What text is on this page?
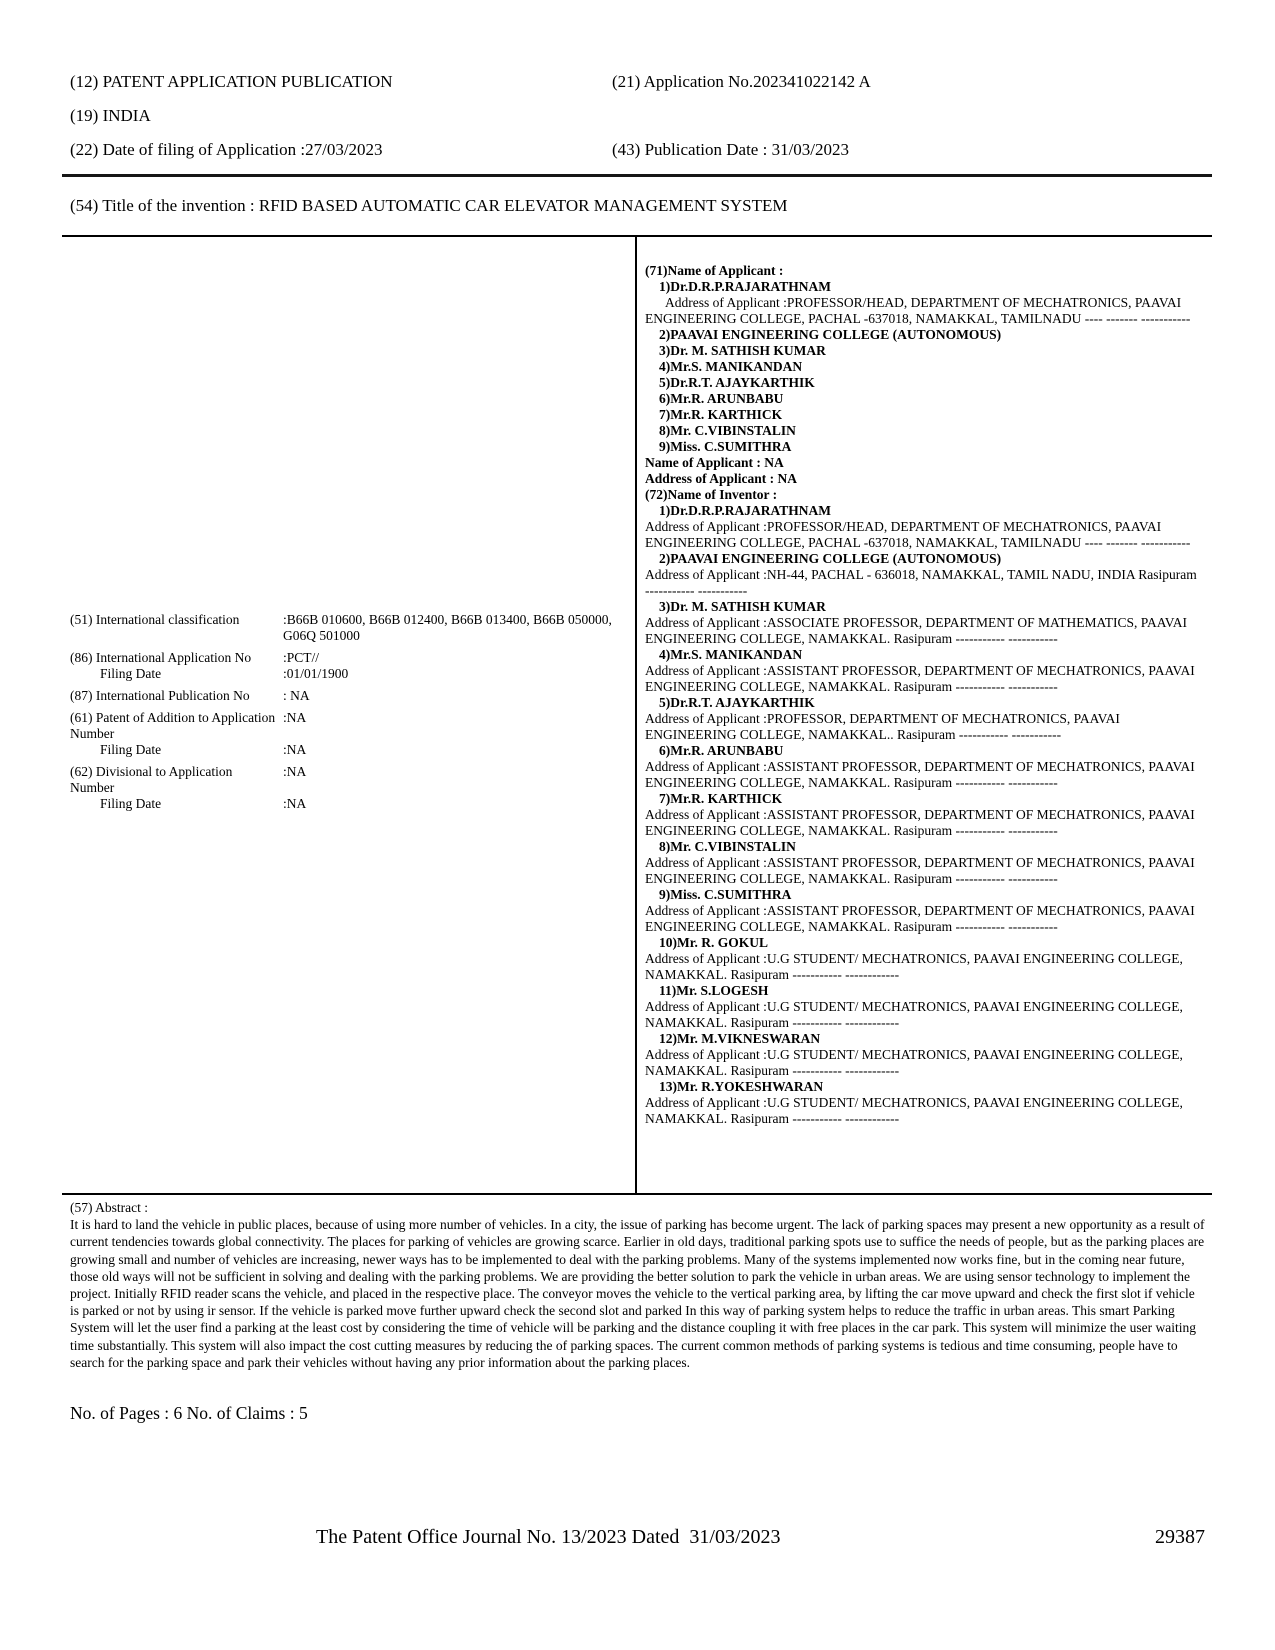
(12) PATENT APPLICATION PUBLICATION	(21) Application No.202341022142 A
(19) INDIA
(22) Date of filing of Application :27/03/2023	(43) Publication Date : 31/03/2023
(54) Title of the invention : RFID BASED AUTOMATIC CAR ELEVATOR MANAGEMENT SYSTEM
(51) International classification	:B66B 010600, B66B 012400, B66B 013400, B66B 050000, G06Q 501000
(86) International Application No	:PCT//
Filing Date	:01/01/1900
(87) International Publication No	: NA
(61) Patent of Addition to Application Number
:NA
Filing Date	:NA
(62) Divisional to Application Number
:NA
Filing Date	:NA
(71)Name of Applicant :
1)Dr.D.R.P.RAJARATHNAM
Address of Applicant :PROFESSOR/HEAD, DEPARTMENT OF MECHATRONICS, PAAVAI ENGINEERING COLLEGE, PACHAL -637018, NAMAKKAL, TAMILNADU ---- ------- -----------
2)PAAVAI ENGINEERING COLLEGE (AUTONOMOUS)
3)Dr. M. SATHISH KUMAR
4)Mr.S. MANIKANDAN
5)Dr.R.T. AJAYKARTHIK
6)Mr.R. ARUNBABU
7)Mr.R. KARTHICK
8)Mr. C.VIBINSTALIN
9)Miss. C.SUMITHRA
Name of Applicant : NA
Address of Applicant : NA
(72)Name of Inventor :
1)Dr.D.R.P.RAJARATHNAM
Address of Applicant :PROFESSOR/HEAD, DEPARTMENT OF MECHATRONICS, PAAVAI ENGINEERING COLLEGE, PACHAL -637018, NAMAKKAL, TAMILNADU ---- ------- -----------
2)PAAVAI ENGINEERING COLLEGE (AUTONOMOUS)
Address of Applicant :NH-44, PACHAL - 636018, NAMAKKAL, TAMIL NADU, INDIA Rasipuram ----------- -----------
3)Dr. M. SATHISH KUMAR
Address of Applicant :ASSOCIATE PROFESSOR, DEPARTMENT OF MATHEMATICS, PAAVAI ENGINEERING COLLEGE, NAMAKKAL. Rasipuram ----------- -----------
4)Mr.S. MANIKANDAN
Address of Applicant :ASSISTANT PROFESSOR, DEPARTMENT OF MECHATRONICS, PAAVAI ENGINEERING COLLEGE, NAMAKKAL. Rasipuram ----------- -----------
5)Dr.R.T. AJAYKARTHIK
Address of Applicant :PROFESSOR, DEPARTMENT OF MECHATRONICS, PAAVAI ENGINEERING COLLEGE, NAMAKKAL.. Rasipuram ----------- -----------
6)Mr.R. ARUNBABU
Address of Applicant :ASSISTANT PROFESSOR, DEPARTMENT OF MECHATRONICS, PAAVAI ENGINEERING COLLEGE, NAMAKKAL. Rasipuram ----------- -----------
7)Mr.R. KARTHICK
Address of Applicant :ASSISTANT PROFESSOR, DEPARTMENT OF MECHATRONICS, PAAVAI ENGINEERING COLLEGE, NAMAKKAL. Rasipuram ----------- -----------
8)Mr. C.VIBINSTALIN
Address of Applicant :ASSISTANT PROFESSOR, DEPARTMENT OF MECHATRONICS, PAAVAI ENGINEERING COLLEGE, NAMAKKAL. Rasipuram ----------- -----------
9)Miss. C.SUMITHRA
Address of Applicant :ASSISTANT PROFESSOR, DEPARTMENT OF MECHATRONICS, PAAVAI ENGINEERING COLLEGE, NAMAKKAL. Rasipuram ----------- -----------
10)Mr. R. GOKUL
Address of Applicant :U.G STUDENT/ MECHATRONICS, PAAVAI ENGINEERING COLLEGE, NAMAKKAL. Rasipuram ----------- ------------
11)Mr. S.LOGESH
Address of Applicant :U.G STUDENT/ MECHATRONICS, PAAVAI ENGINEERING COLLEGE, NAMAKKAL. Rasipuram ----------- ------------
12)Mr. M.VIKNESWARAN
Address of Applicant :U.G STUDENT/ MECHATRONICS, PAAVAI ENGINEERING COLLEGE, NAMAKKAL. Rasipuram ----------- ------------
13)Mr. R.YOKESHWARAN
Address of Applicant :U.G STUDENT/ MECHATRONICS, PAAVAI ENGINEERING COLLEGE, NAMAKKAL. Rasipuram ----------- ------------
(57) Abstract :
It is hard to land the vehicle in public places, because of using more number of vehicles. In a city, the issue of parking has become urgent. The lack of parking spaces may present a new opportunity as a result of current tendencies towards global connectivity. The places for parking of vehicles are growing scarce. Earlier in old days, traditional parking spots use to suffice the needs of people, but as the parking places are growing small and number of vehicles are increasing, newer ways has to be implemented to deal with the parking problems. Many of the systems implemented now works fine, but in the coming near future, those old ways will not be sufficient in solving and dealing with the parking problems. We are providing the better solution to park the vehicle in urban areas. We are using sensor technology to implement the project. Initially RFID reader scans the vehicle, and placed in the respective place. The conveyor moves the vehicle to the vertical parking area, by lifting the car move upward and check the first slot if vehicle is parked or not by using ir sensor. If the vehicle is parked move further upward check the second slot and parked In this way of parking system helps to reduce the traffic in urban areas. This smart Parking System will let the user find a parking at the least cost by considering the time of vehicle will be parking and the distance coupling it with free places in the car park. This system will minimize the user waiting time substantially. This system will also impact the cost cutting measures by reducing the of parking spaces. The current common methods of parking systems is tedious and time consuming, people have to search for the parking space and park their vehicles without having any prior information about the parking places.
No. of Pages : 6 No. of Claims : 5
The Patent Office Journal No. 13/2023 Dated  31/03/2023	29387
